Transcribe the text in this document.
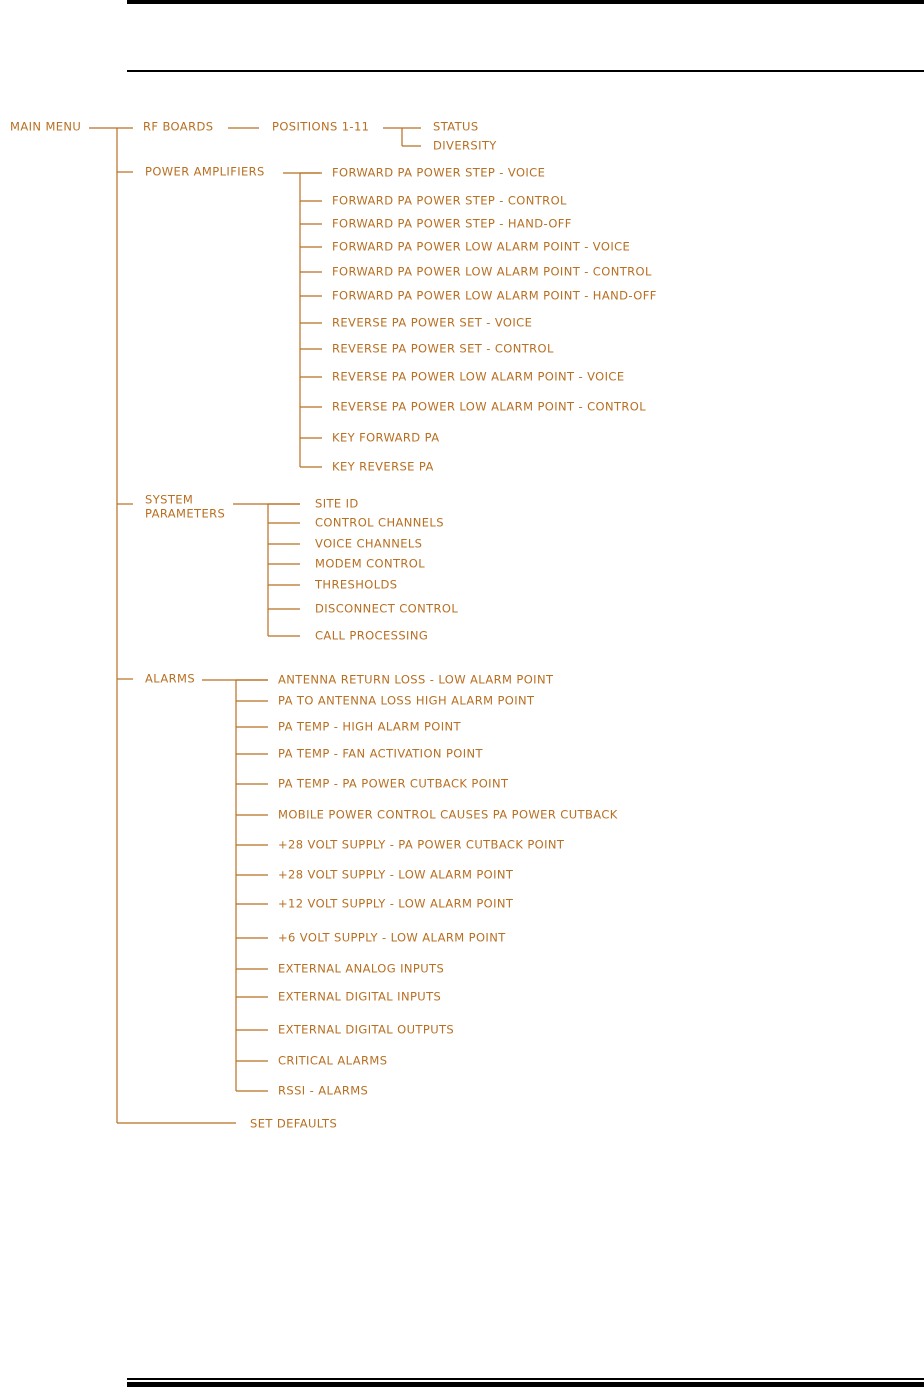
MAIN MENU	RF BOARDS	POSITIONS 1-11	STATUS
DIVERSITY
POWER AMPLIFIERS	FORWARD PA POWER STEP - VOICE
FORWARD PA POWER STEP - CONTROL
FORWARD PA POWER STEP - HAND-OFF
FORWARD PA POWER LOW ALARM POINT - VOICE
FORWARD PA POWER LOW ALARM POINT - CONTROL
FORWARD PA POWER LOW ALARM POINT - HAND-OFF
REVERSE PA POWER SET - VOICE
REVERSE PA POWER SET - CONTROL
REVERSE PA POWER LOW ALARM POINT - VOICE
REVERSE PA POWER LOW ALARM POINT - CONTROL
KEY FORWARD PA
KEY REVERSE PA
SYSTEM
PARAMETERS
SITE ID
CONTROL CHANNELS
VOICE CHANNELS
MODEM CONTROL
THRESHOLDS
DISCONNECT CONTROL
CALL PROCESSING
ALARMS	ANTENNA RETURN LOSS - LOW ALARM POINT
PA TO ANTENNA LOSS HIGH ALARM POINT
PA TEMP - HIGH ALARM POINT
PA TEMP - FAN ACTIVATION POINT
PA TEMP - PA POWER CUTBACK POINT
MOBILE POWER CONTROL CAUSES PA POWER CUTBACK
+28 VOLT SUPPLY - PA POWER CUTBACK POINT
+28 VOLT SUPPLY - LOW ALARM POINT
+12 VOLT SUPPLY - LOW ALARM POINT
+6 VOLT SUPPLY - LOW ALARM POINT
EXTERNAL ANALOG INPUTS
EXTERNAL DIGITAL INPUTS
EXTERNAL DIGITAL OUTPUTS
CRITICAL ALARMS
RSSI - ALARMS
SET DEFAULTS
